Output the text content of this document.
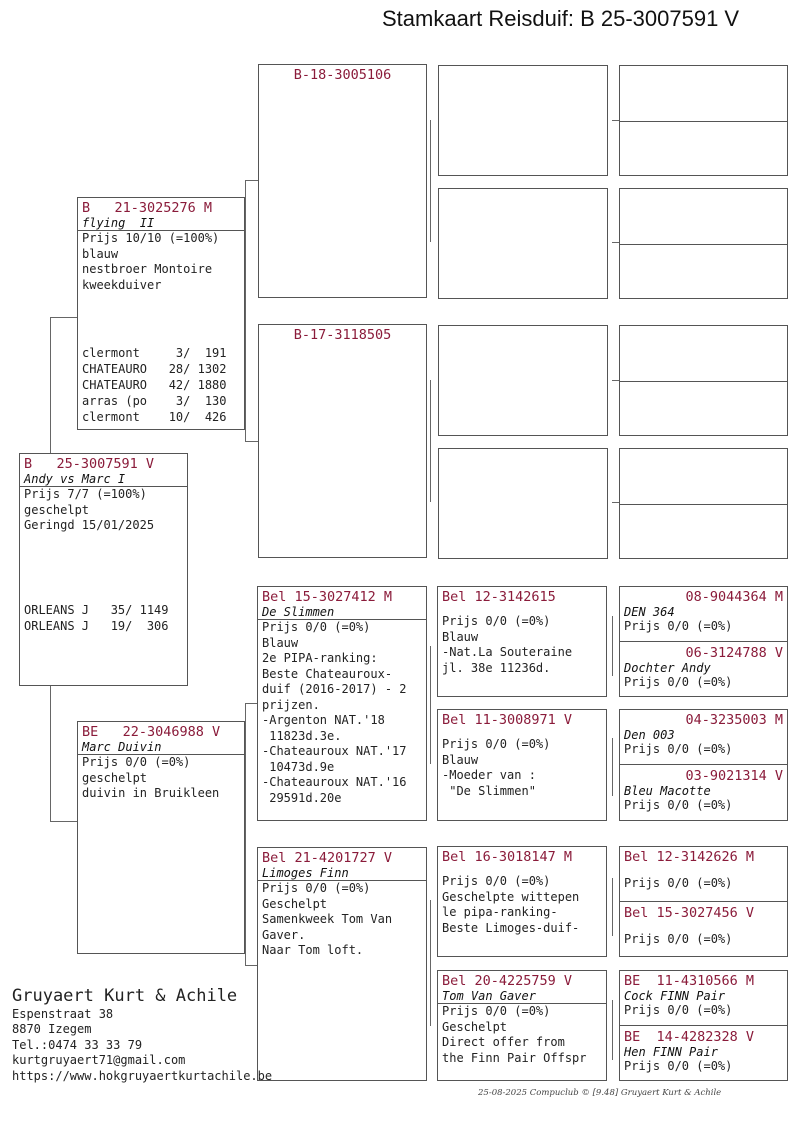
Stamkaart Reisduif: B 25-3007591 V
B   25-3007591 V
Andy vs Marc I
Prijs 7/7 (=100%)
geschelpt
Geringd 15/01/2025
ORLEANS J   35/ 1149
ORLEANS J   19/  306
B   21-3025276 M
flying  II
Prijs 10/10 (=100%)
blauw
nestbroer Montoire
kweekduiver
clermont     3/  191
CHATEAURO   28/ 1302
CHATEAURO   42/ 1880
arras (po    3/  130
clermont    10/  426
BE   22-3046988 V
Marc Duivin
Prijs 0/0 (=0%)
geschelpt
duivin in Bruikleen
B-18-3005106
B-17-3118505
Bel 15-3027412 M
De Slimmen
Prijs 0/0 (=0%)
Blauw
2e PIPA-ranking:
Beste Chateauroux-
duif (2016-2017) - 2
prijzen.
-Argenton NAT.'18
11823d.3e.
-Chateauroux NAT.'17
10473d.9e
-Chateauroux NAT.'16
29591d.20e
Bel 21-4201727 V
Limoges Finn
Prijs 0/0 (=0%)
Geschelpt
Samenkweek Tom Van
Gaver.
Naar Tom loft.
Bel 12-3142615
Prijs 0/0 (=0%)
Blauw
-Nat.La Souteraine
jl. 38e 11236d.
Bel 11-3008971 V
Prijs 0/0 (=0%)
Blauw
-Moeder van :
"De Slimmen"
Bel 16-3018147 M
Prijs 0/0 (=0%)
Geschelpte wittepen
le pipa-ranking-
Beste Limoges-duif-
Bel 20-4225759 V
Tom Van Gaver
Prijs 0/0 (=0%)
Geschelpt
Direct offer from
the Finn Pair Offspr
08-9044364 M
DEN 364
Prijs 0/0 (=0%)
06-3124788 V
Dochter Andy
Prijs 0/0 (=0%)
04-3235003 M
Den 003
Prijs 0/0 (=0%)
03-9021314 V
Bleu Macotte
Prijs 0/0 (=0%)
Bel 12-3142626 M
Prijs 0/0 (=0%)
Bel 15-3027456 V
Prijs 0/0 (=0%)
BE  11-4310566 M
Cock FINN Pair
Prijs 0/0 (=0%)
BE  14-4282328 V
Hen FINN Pair
Prijs 0/0 (=0%)
Gruyaert Kurt & Achile
Espenstraat 38
8870 Izegem
Tel.:0474 33 33 79
kurtgruyaert71@gmail.com
https://www.hokgruyaertkurtachile.be
25-08-2025 Compuclub © [9.48] Gruyaert Kurt & Achile
